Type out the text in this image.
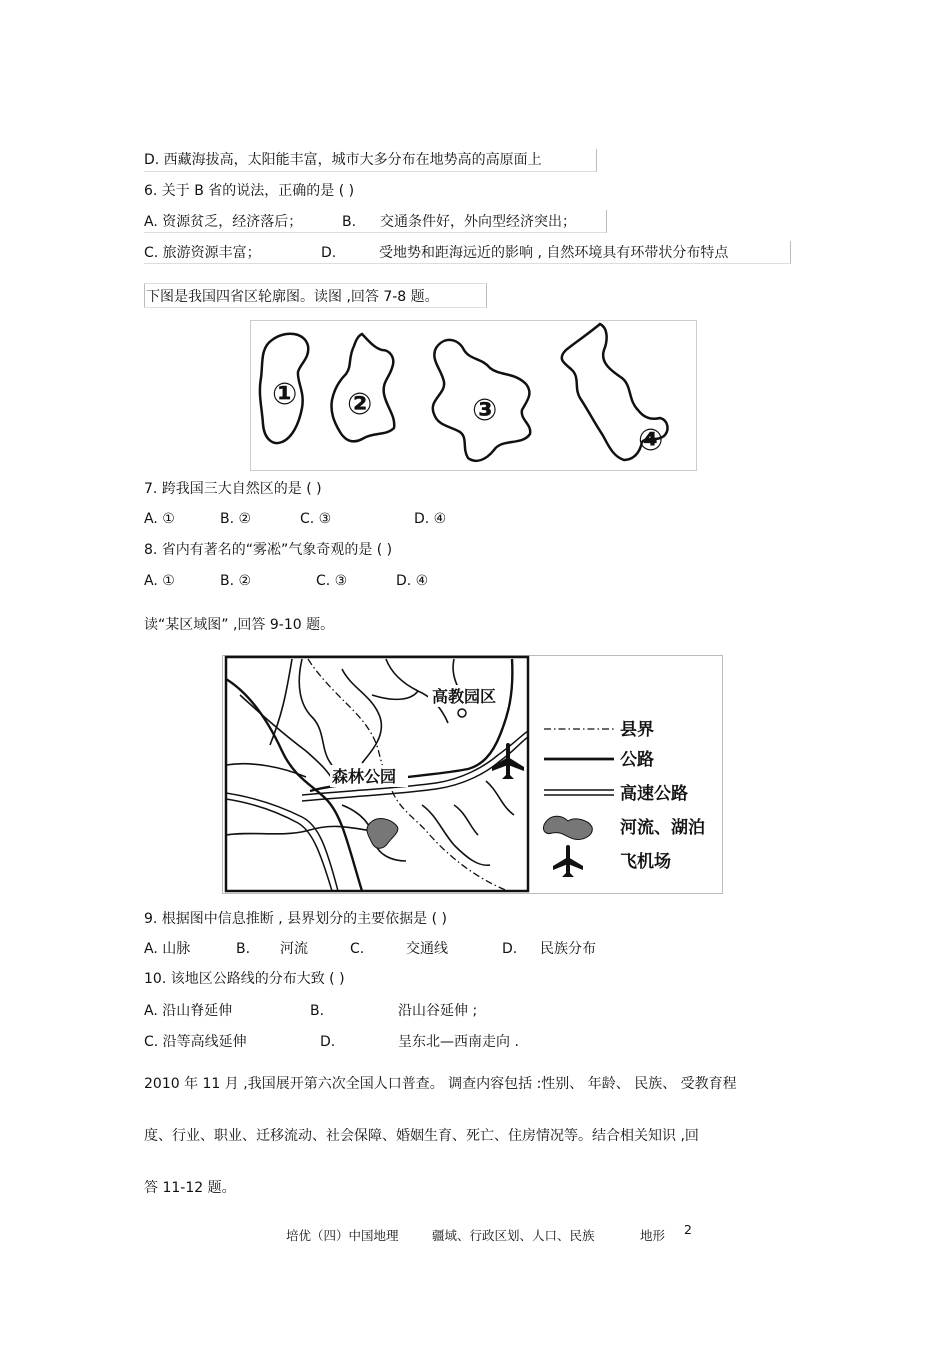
D. 西藏海拔高，太阳能丰富，城市大多分布在地势高的高原面上
6. 关于 B 省的说法，正确的是 ( )
A. 资源贫乏，经济落后；	B. 交通条件好，外向型经济突出；
C. 旅游资源丰富；	D.	受地势和距海远近的影响 , 自然环境具有环带状分布特点
下图是我国四省区轮廓图。读图 ,回答 7-8 题。
① ②	③
④
7. 跨我国三大自然区的是 ( )
A. ①	B. ②	C. ③	D. ④
8. 省内有著名的“雾凇”气象奇观的是 ( )
A. ①	B. ②	C. ③	D. ④
读“某区域图” ,回答 9-10 题。
高教园区
森林公园
县界
公路
高速公路
河流、湖泊
飞机场
9. 根据图中信息推断 , 县界划分的主要依据是 ( )
A. 山脉	B. 河流	C.	交通线	D. 民族分布
10. 该地区公路线的分布大致 ( )
A. 沿山脊延伸	B.	沿山谷延伸 ;
C. 沿等高线延伸	D.	呈东北—西南走向 .
2010 年 11 月 ,我国展开第六次全国人口普查。 调查内容包括 :性别、 年龄、 民族、 受教育程
度、行业、职业、迁移流动、社会保障、婚姻生育、死亡、住房情况等。结合相关知识 ,回
答 11-12 题。
培优（四）中国地理	疆域、行政区划、人口、民族	地形 2
